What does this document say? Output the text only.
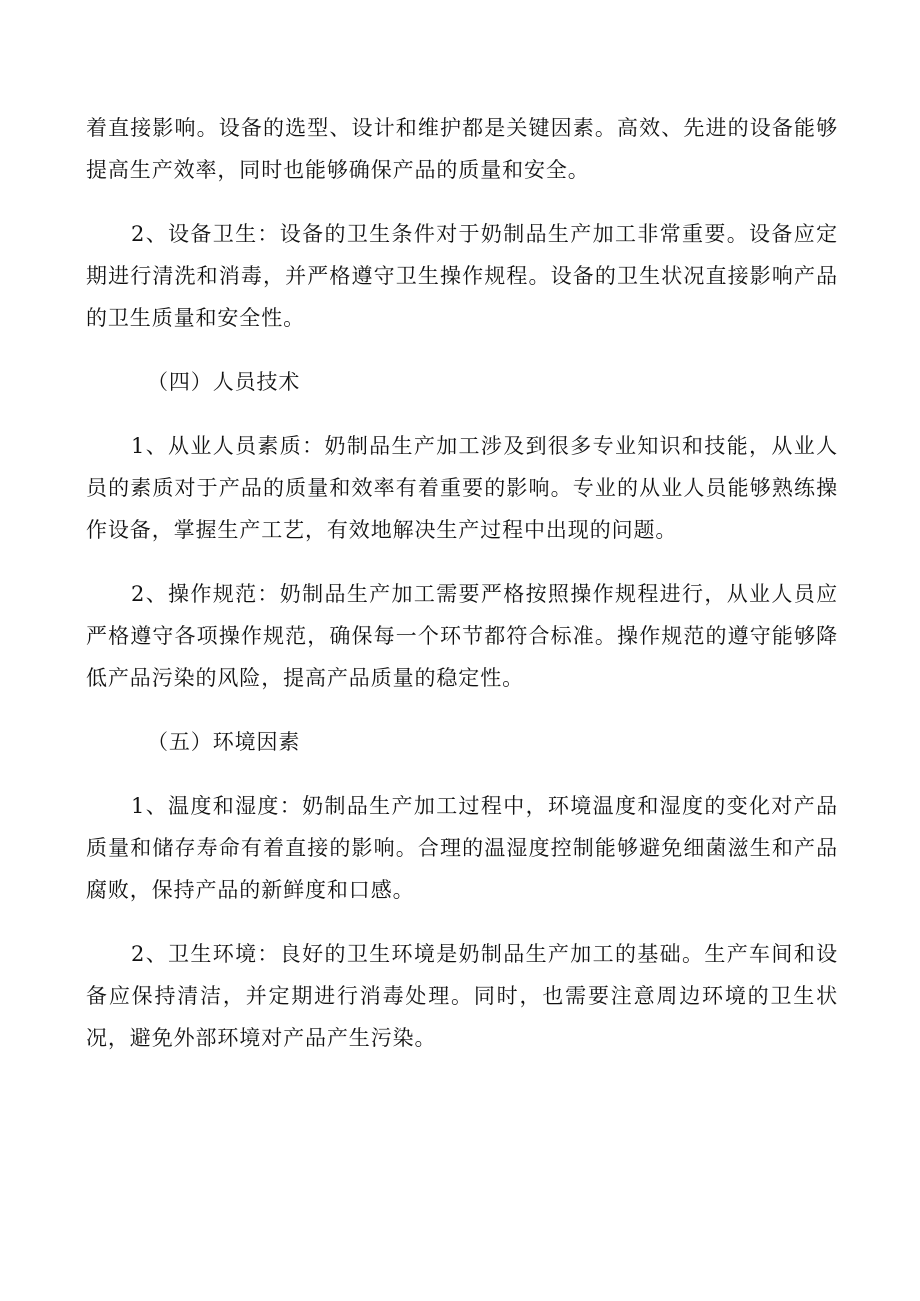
着直接影响。设备的选型、设计和维护都是关键因素。高效、先进的设备能够提高生产效率，同时也能够确保产品的质量和安全。

2、设备卫生：设备的卫生条件对于奶制品生产加工非常重要。设备应定期进行清洗和消毒，并严格遵守卫生操作规程。设备的卫生状况直接影响产品的卫生质量和安全性。

（四）人员技术

1、从业人员素质：奶制品生产加工涉及到很多专业知识和技能，从业人员的素质对于产品的质量和效率有着重要的影响。专业的从业人员能够熟练操作设备，掌握生产工艺，有效地解决生产过程中出现的问题。

2、操作规范：奶制品生产加工需要严格按照操作规程进行，从业人员应严格遵守各项操作规范，确保每一个环节都符合标准。操作规范的遵守能够降低产品污染的风险，提高产品质量的稳定性。

（五）环境因素

1、温度和湿度：奶制品生产加工过程中，环境温度和湿度的变化对产品质量和储存寿命有着直接的影响。合理的温湿度控制能够避免细菌滋生和产品腐败，保持产品的新鲜度和口感。

2、卫生环境：良好的卫生环境是奶制品生产加工的基础。生产车间和设备应保持清洁，并定期进行消毒处理。同时，也需要注意周边环境的卫生状况，避免外部环境对产品产生污染。
